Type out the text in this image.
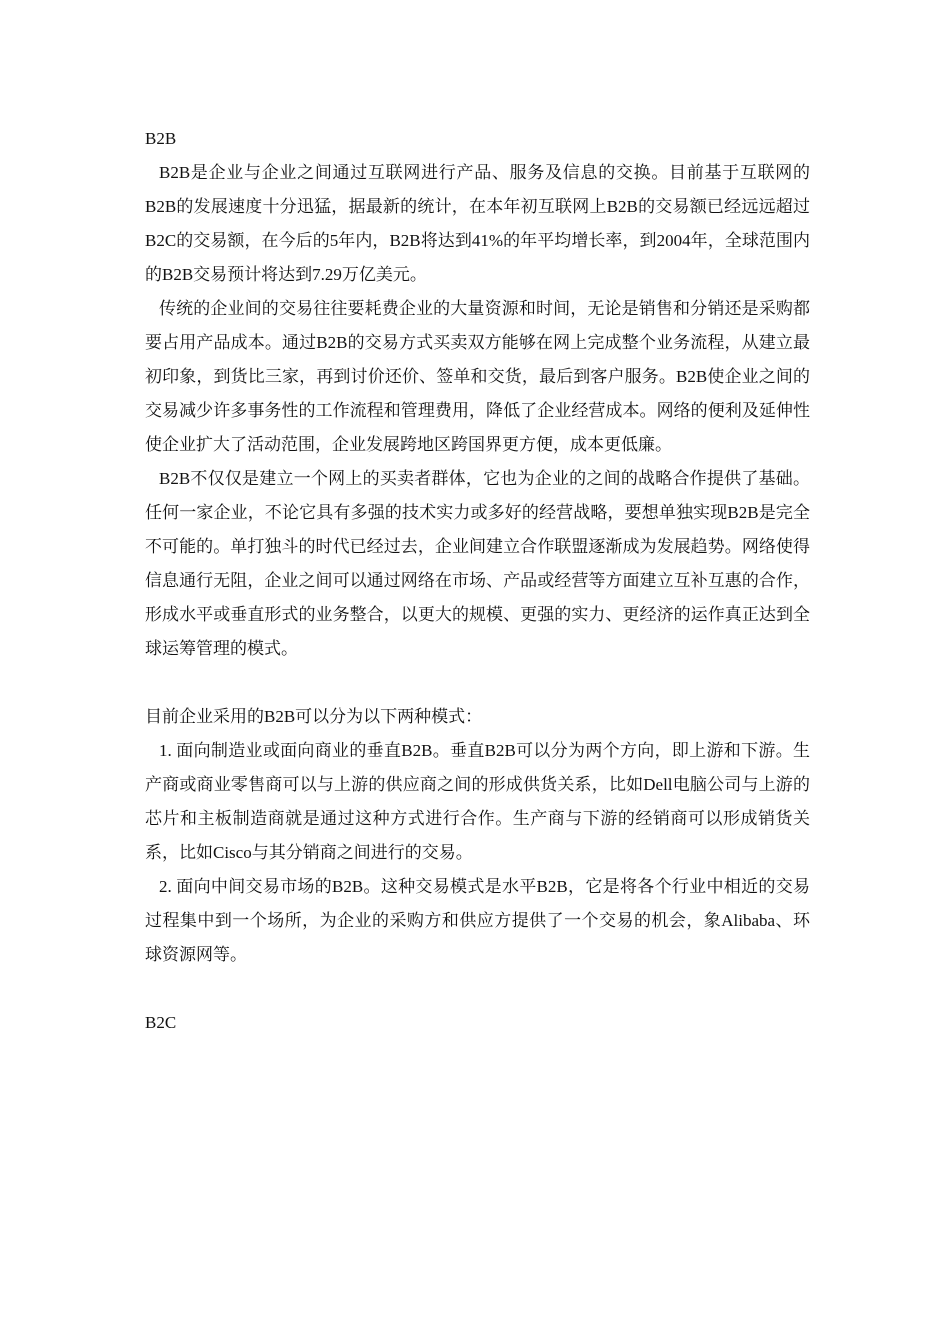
B2B

B2B是企业与企业之间通过互联网进行产品、服务及信息的交换。目前基于互联网的B2B的发展速度十分迅猛，据最新的统计，在本年初互联网上B2B的交易额已经远远超过B2C的交易额，在今后的5年内，B2B将达到41%的年平均增长率，到2004年，全球范围内的B2B交易预计将达到7.29万亿美元。

传统的企业间的交易往往要耗费企业的大量资源和时间，无论是销售和分销还是采购都要占用产品成本。通过B2B的交易方式买卖双方能够在网上完成整个业务流程，从建立最初印象，到货比三家，再到讨价还价、签单和交货，最后到客户服务。B2B使企业之间的交易减少许多事务性的工作流程和管理费用，降低了企业经营成本。网络的便利及延伸性使企业扩大了活动范围，企业发展跨地区跨国界更方便，成本更低廉。

B2B不仅仅是建立一个网上的买卖者群体，它也为企业的之间的战略合作提供了基础。任何一家企业，不论它具有多强的技术实力或多好的经营战略，要想单独实现B2B是完全不可能的。单打独斗的时代已经过去，企业间建立合作联盟逐渐成为发展趋势。网络使得信息通行无阻，企业之间可以通过网络在市场、产品或经营等方面建立互补互惠的合作，形成水平或垂直形式的业务整合，以更大的规模、更强的实力、更经济的运作真正达到全球运筹管理的模式。

目前企业采用的B2B可以分为以下两种模式：

1. 面向制造业或面向商业的垂直B2B。垂直B2B可以分为两个方向，即上游和下游。生产商或商业零售商可以与上游的供应商之间的形成供货关系，比如Dell电脑公司与上游的芯片和主板制造商就是通过这种方式进行合作。生产商与下游的经销商可以形成销货关系，比如Cisco与其分销商之间进行的交易。

2. 面向中间交易市场的B2B。这种交易模式是水平B2B，它是将各个行业中相近的交易过程集中到一个场所，为企业的采购方和供应方提供了一个交易的机会，象Alibaba、环球资源网等。

B2C
